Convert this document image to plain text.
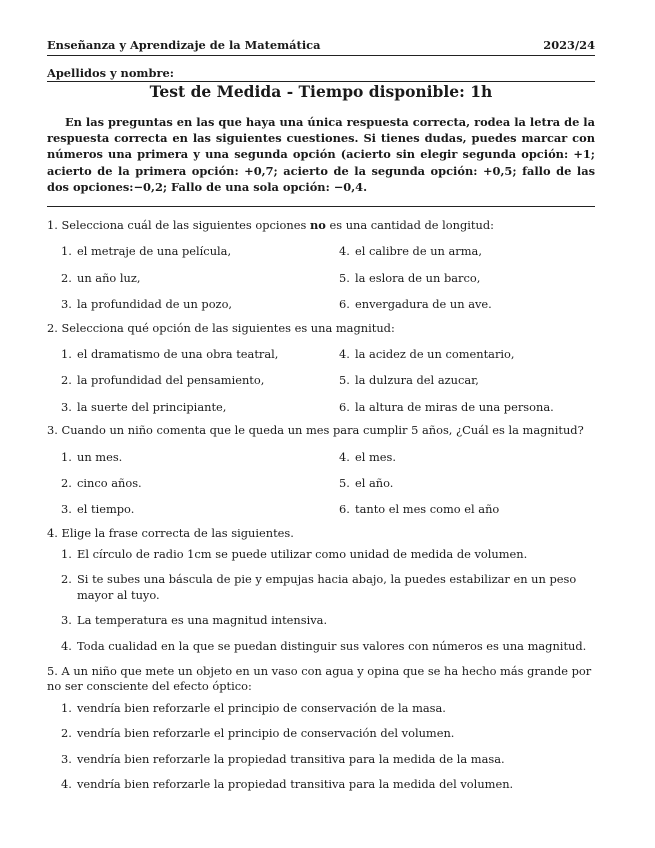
Enseñanza y Aprendizaje de la Matemática	2023/24
Apellidos y nombre:
Test de Medida - Tiempo disponible: 1h

En las preguntas en las que haya una única respuesta correcta, rodea la letra de la respuesta correcta en las siguientes cuestiones. Si tienes dudas, puedes marcar con números una primera y una segunda opción (acierto sin elegir segunda opción: +1; acierto de la primera opción: +0,7; acierto de la segunda opción: +0,5; fallo de las dos opciones:−0,2; Fallo de una sola opción: −0,4.

1. Selecciona cuál de las siguientes opciones no es una cantidad de longitud:

1. el metraje de una película,	4. el calibre de un arma,
2. un año luz,	5. la eslora de un barco,
3. la profundidad de un pozo,	6. envergadura de un ave.

2. Selecciona qué opción de las siguientes es una magnitud:

1. el dramatismo de una obra teatral,	4. la acidez de un comentario,
2. la profundidad del pensamiento,	5. la dulzura del azucar,
3. la suerte del principiante,	6. la altura de miras de una persona.

3. Cuando un niño comenta que le queda un mes para cumplir 5 años, ¿Cuál es la magnitud?

1. un mes.	4. el mes.
2. cinco años.	5. el año.
3. el tiempo.	6. tanto el mes como el año

4. Elige la frase correcta de las siguientes.

1. El círculo de radio 1cm se puede utilizar como unidad de medida de volumen.
2. Si te subes una báscula de pie y empujas hacia abajo, la puedes estabilizar en un peso mayor al tuyo.
3. La temperatura es una magnitud intensiva.
4. Toda cualidad en la que se puedan distinguir sus valores con números es una magnitud.

5. A un niño que mete un objeto en un vaso con agua y opina que se ha hecho más grande por no ser consciente del efecto óptico:

1. vendría bien reforzarle el principio de conservación de la masa.
2. vendría bien reforzarle el principio de conservación del volumen.
3. vendría bien reforzarle la propiedad transitiva para la medida de la masa.
4. vendría bien reforzarle la propiedad transitiva para la medida del volumen.
